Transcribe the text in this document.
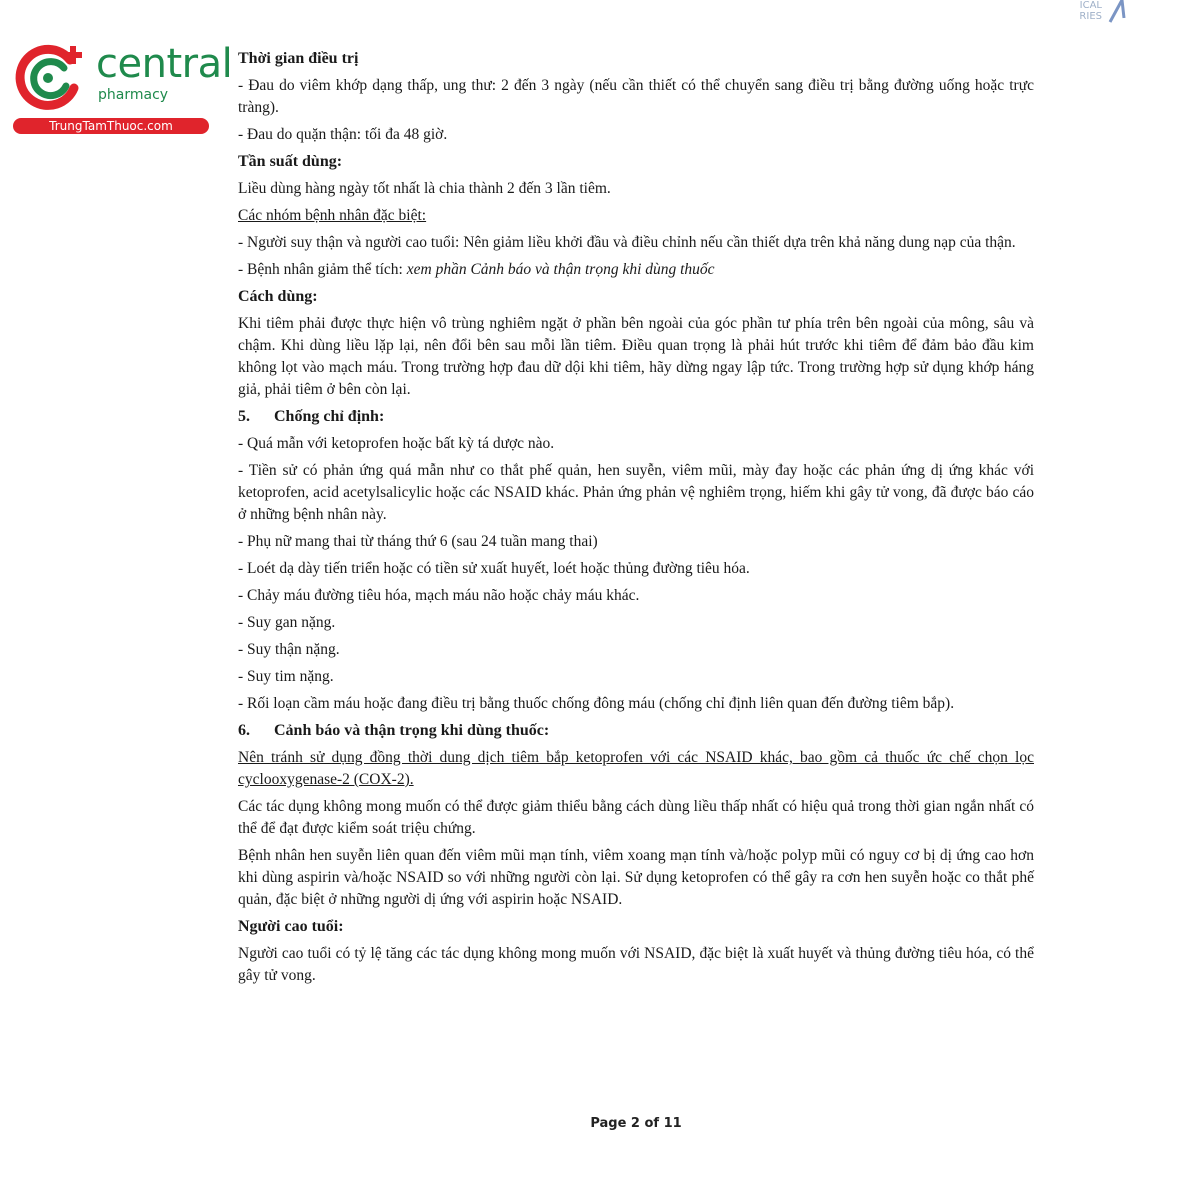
central
pharmacy
TrungTamThuoc.com
ICAL
RIES

Thời gian điều trị

- Đau do viêm khớp dạng thấp, ung thư: 2 đến 3 ngày (nếu cần thiết có thể chuyển sang điều trị bằng đường uống hoặc trực tràng).

- Đau do quặn thận: tối đa 48 giờ.

Tần suất dùng:

Liều dùng hàng ngày tốt nhất là chia thành 2 đến 3 lần tiêm.

Các nhóm bệnh nhân đặc biệt:

- Người suy thận và người cao tuổi: Nên giảm liều khởi đầu và điều chỉnh nếu cần thiết dựa trên khả năng dung nạp của thận.

- Bệnh nhân giảm thể tích: xem phần Cảnh báo và thận trọng khi dùng thuốc

Cách dùng:

Khi tiêm phải được thực hiện vô trùng nghiêm ngặt ở phần bên ngoài của góc phần tư phía trên bên ngoài của mông, sâu và chậm. Khi dùng liều lặp lại, nên đổi bên sau mỗi lần tiêm. Điều quan trọng là phải hút trước khi tiêm để đảm bảo đầu kim không lọt vào mạch máu. Trong trường hợp đau dữ dội khi tiêm, hãy dừng ngay lập tức. Trong trường hợp sử dụng khớp háng giả, phải tiêm ở bên còn lại.

5. Chống chỉ định:

- Quá mẫn với ketoprofen hoặc bất kỳ tá dược nào.

- Tiền sử có phản ứng quá mẫn như co thắt phế quản, hen suyễn, viêm mũi, mày đay hoặc các phản ứng dị ứng khác với ketoprofen, acid acetylsalicylic hoặc các NSAID khác. Phản ứng phản vệ nghiêm trọng, hiếm khi gây tử vong, đã được báo cáo ở những bệnh nhân này.

- Phụ nữ mang thai từ tháng thứ 6 (sau 24 tuần mang thai)

- Loét dạ dày tiến triển hoặc có tiền sử xuất huyết, loét hoặc thủng đường tiêu hóa.

- Chảy máu đường tiêu hóa, mạch máu não hoặc chảy máu khác.

- Suy gan nặng.

- Suy thận nặng.

- Suy tim nặng.

- Rối loạn cầm máu hoặc đang điều trị bằng thuốc chống đông máu (chống chỉ định liên quan đến đường tiêm bắp).

6. Cảnh báo và thận trọng khi dùng thuốc:

Nên tránh sử dụng đồng thời dung dịch tiêm bắp ketoprofen với các NSAID khác, bao gồm cả thuốc ức chế chọn lọc cyclooxygenase-2 (COX-2).

Các tác dụng không mong muốn có thể được giảm thiểu bằng cách dùng liều thấp nhất có hiệu quả trong thời gian ngắn nhất có thể để đạt được kiểm soát triệu chứng.

Bệnh nhân hen suyễn liên quan đến viêm mũi mạn tính, viêm xoang mạn tính và/hoặc polyp mũi có nguy cơ bị dị ứng cao hơn khi dùng aspirin và/hoặc NSAID so với những người còn lại. Sử dụng ketoprofen có thể gây ra cơn hen suyễn hoặc co thắt phế quản, đặc biệt ở những người dị ứng với aspirin hoặc NSAID.

Người cao tuổi:

Người cao tuổi có tỷ lệ tăng các tác dụng không mong muốn với NSAID, đặc biệt là xuất huyết và thủng đường tiêu hóa, có thể gây tử vong.

Page 2 of 11
